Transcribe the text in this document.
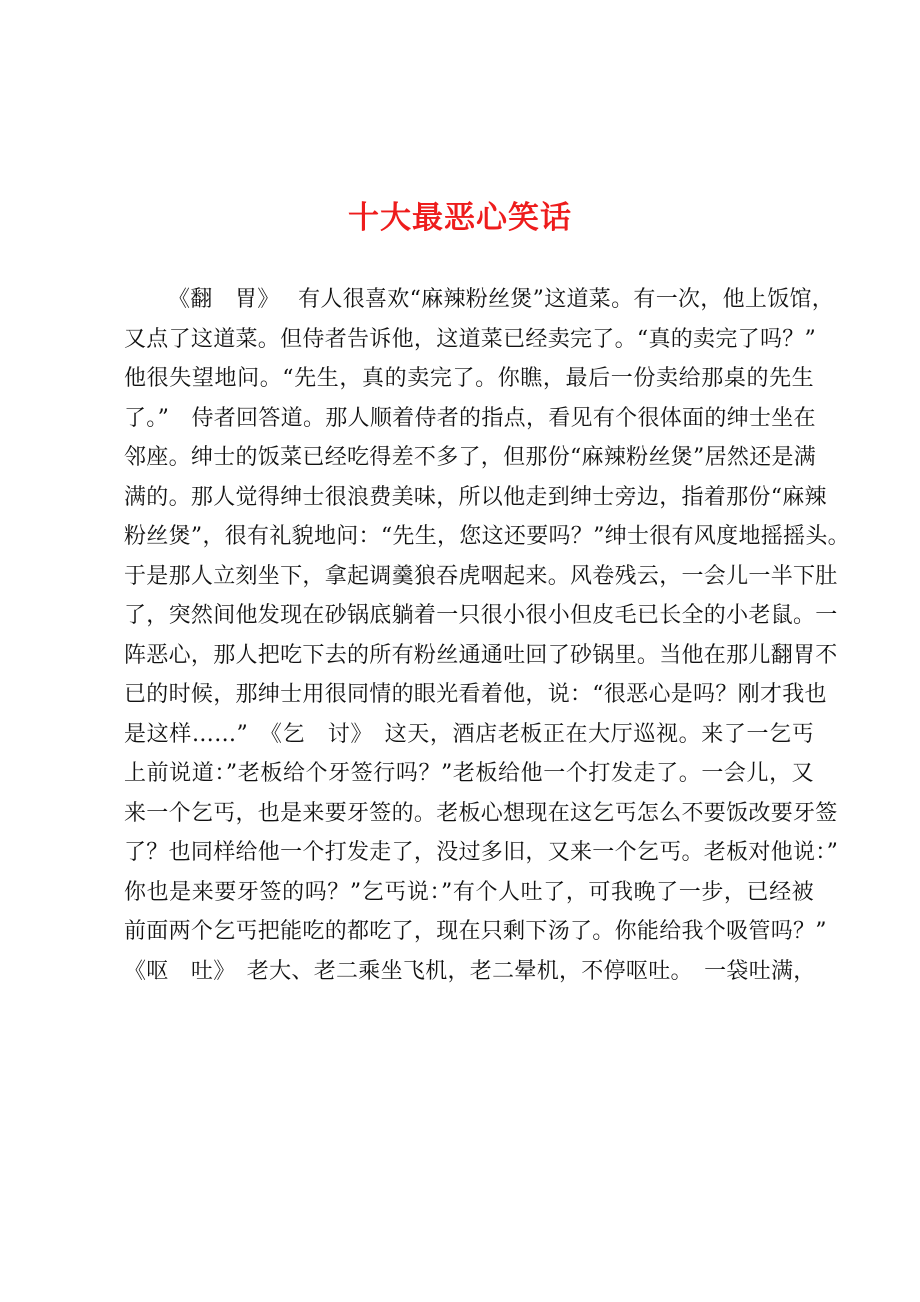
十大最恶心笑话
《翻　胃》　 有人很喜欢“麻辣粉丝煲”这道菜。有一次，他上饭馆，
又点了这道菜。但侍者告诉他，这道菜已经卖完了。“真的卖完了吗？”
他很失望地问。“先生，真的卖完了。你瞧，最后一份卖给那桌的先生
了。”　侍者回答道。那人顺着侍者的指点，看见有个很体面的绅士坐在
邻座。绅士的饭菜已经吃得差不多了，但那份“麻辣粉丝煲”居然还是满
满的。那人觉得绅士很浪费美味，所以他走到绅士旁边，指着那份“麻辣
粉丝煲”，很有礼貌地问：“先生，您这还要吗？”绅士很有风度地摇摇头。
于是那人立刻坐下，拿起调羹狼吞虎咽起来。风卷残云，一会儿一半下肚
了，突然间他发现在砂锅底躺着一只很小很小但皮毛已长全的小老鼠。一
阵恶心，那人把吃下去的所有粉丝通通吐回了砂锅里。当他在那儿翻胃不
已的时候，那绅士用很同情的眼光看着他，说：“很恶心是吗？刚才我也
是这样……”　《乞　讨》　这天，酒店老板正在大厅巡视。来了一乞丐
上前说道：”老板给个牙签行吗？”老板给他一个打发走了。一会儿，又
来一个乞丐，也是来要牙签的。老板心想现在这乞丐怎么不要饭改要牙签
了？也同样给他一个打发走了，没过多旧，又来一个乞丐。老板对他说：”
你也是来要牙签的吗？”乞丐说：”有个人吐了，可我晚了一步，已经被
前面两个乞丐把能吃的都吃了，现在只剩下汤了。你能给我个吸管吗？”
《呕　吐》　老大、老二乘坐飞机，老二晕机，不停呕吐。　一袋吐满，
